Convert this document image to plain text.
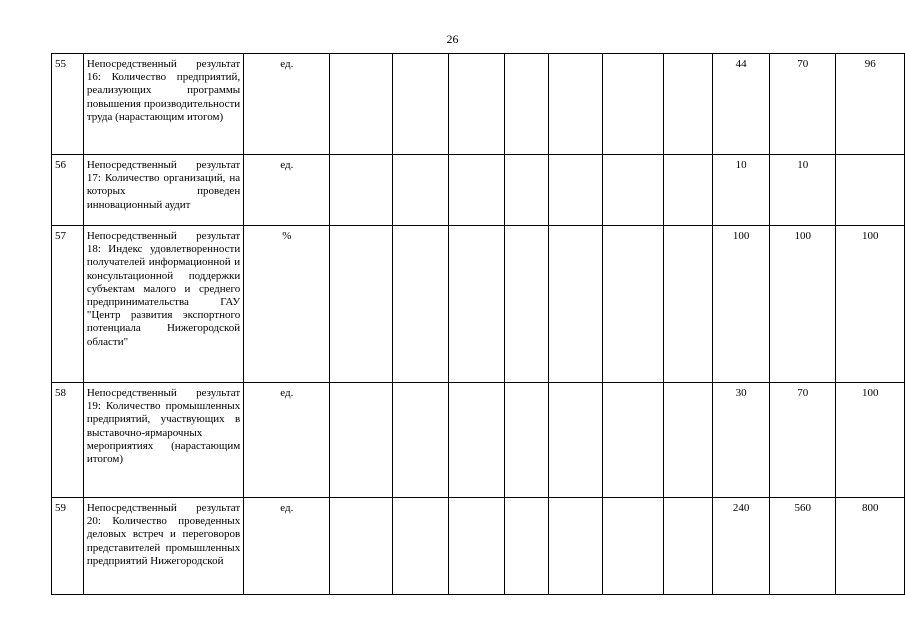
26
55	Непосредственный результат 16: Количество предприятий, реализующих программы повышения производительности труда (нарастающим итогом)	ед.								44	70	96
56	Непосредственный результат 17: Количество организаций, на которых проведен инновационный аудит	ед.								10	10	
57	Непосредственный результат 18: Индекс удовлетворенности получателей информационной и консультационной поддержки субъектам малого и среднего предпринимательства ГАУ "Центр развития экспортного потенциала Нижегородской области"	%								100	100	100
58	Непосредственный результат 19: Количество промышленных предприятий, участвующих в выставочно-ярмарочных мероприятиях (нарастающим итогом)	ед.								30	70	100
59	Непосредственный результат 20: Количество проведенных деловых встреч и переговоров представителей промышленных предприятий Нижегородской	ед.								240	560	800
